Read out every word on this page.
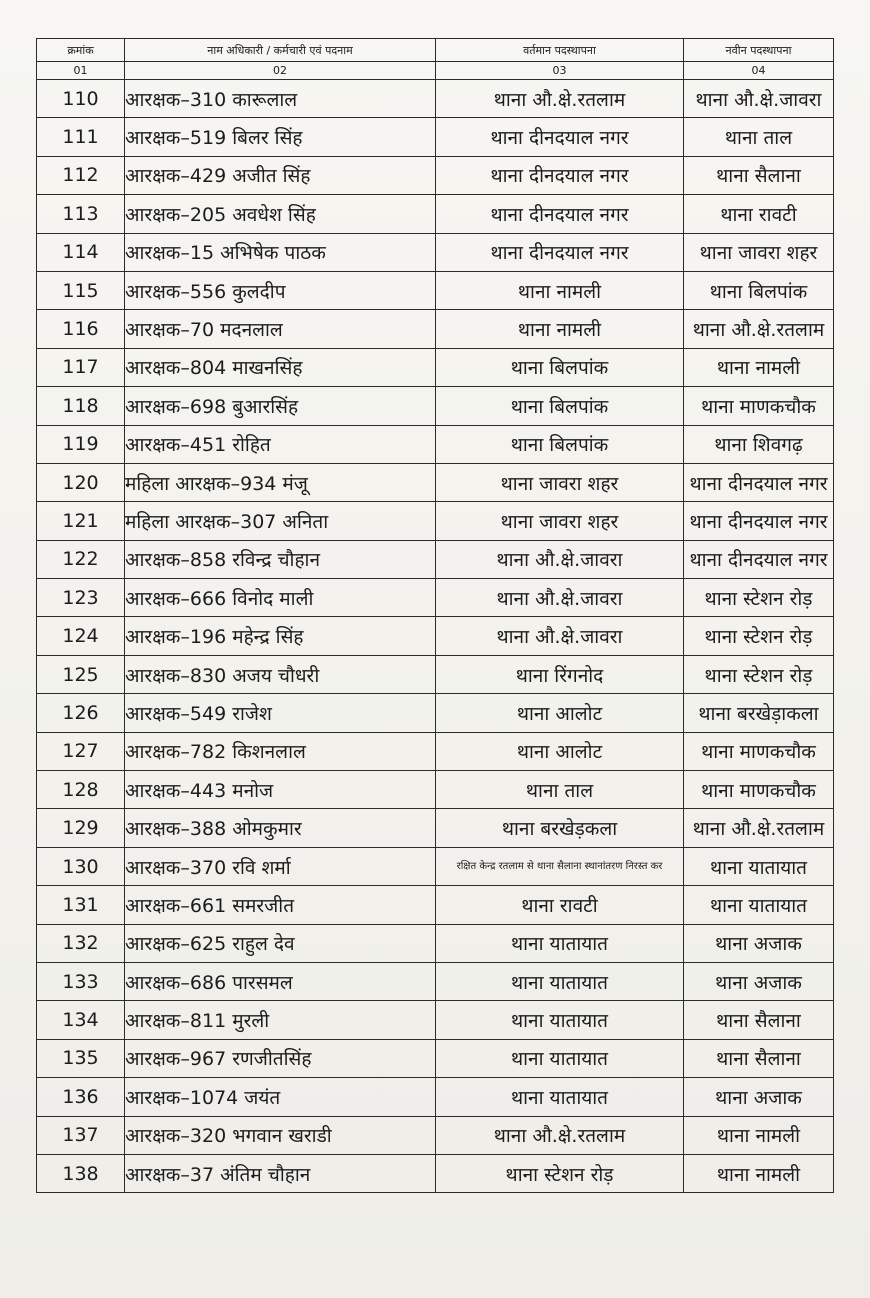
क्रमांक	नाम अधिकारी / कर्मचारी एवं पदनाम	वर्तमान पदस्थापना	नवीन पदस्थापना
01	02	03	04
110	आरक्षक–310 कारूलाल	थाना औ.क्षे.रतलाम	थाना औ.क्षे.जावरा
111	आरक्षक–519 बिलर सिंह	थाना दीनदयाल नगर	थाना ताल
112	आरक्षक–429 अजीत सिंह	थाना दीनदयाल नगर	थाना सैलाना
113	आरक्षक–205 अवधेश सिंह	थाना दीनदयाल नगर	थाना रावटी
114	आरक्षक–15 अभिषेक पाठक	थाना दीनदयाल नगर	थाना जावरा शहर
115	आरक्षक–556 कुलदीप	थाना नामली	थाना बिलपांक
116	आरक्षक–70 मदनलाल	थाना नामली	थाना औ.क्षे.रतलाम
117	आरक्षक–804 माखनसिंह	थाना बिलपांक	थाना नामली
118	आरक्षक–698 बुआरसिंह	थाना बिलपांक	थाना माणकचौक
119	आरक्षक–451 रोहित	थाना बिलपांक	थाना शिवगढ़
120	महिला आरक्षक–934 मंजू	थाना जावरा शहर	थाना दीनदयाल नगर
121	महिला आरक्षक–307 अनिता	थाना जावरा शहर	थाना दीनदयाल नगर
122	आरक्षक–858 रविन्द्र चौहान	थाना औ.क्षे.जावरा	थाना दीनदयाल नगर
123	आरक्षक–666 विनोद माली	थाना औ.क्षे.जावरा	थाना स्टेशन रोड़
124	आरक्षक–196 महेन्द्र सिंह	थाना औ.क्षे.जावरा	थाना स्टेशन रोड़
125	आरक्षक–830 अजय चौधरी	थाना रिंगनोद	थाना स्टेशन रोड़
126	आरक्षक–549 राजेश	थाना आलोट	थाना बरखेड़ाकला
127	आरक्षक–782 किशनलाल	थाना आलोट	थाना माणकचौक
128	आरक्षक–443 मनोज	थाना ताल	थाना माणकचौक
129	आरक्षक–388 ओमकुमार	थाना बरखेड़कला	थाना औ.क्षे.रतलाम
130	आरक्षक–370 रवि शर्मा	रक्षित केन्द्र रतलाम से थाना सैलाना स्थानांतरण निरस्त कर	थाना यातायात
131	आरक्षक–661 समरजीत	थाना रावटी	थाना यातायात
132	आरक्षक–625 राहुल देव	थाना यातायात	थाना अजाक
133	आरक्षक–686 पारसमल	थाना यातायात	थाना अजाक
134	आरक्षक–811 मुरली	थाना यातायात	थाना सैलाना
135	आरक्षक–967 रणजीतसिंह	थाना यातायात	थाना सैलाना
136	आरक्षक–1074 जयंत	थाना यातायात	थाना अजाक
137	आरक्षक–320 भगवान खराडी	थाना औ.क्षे.रतलाम	थाना नामली
138	आरक्षक–37 अंतिम चौहान	थाना स्टेशन रोड़	थाना नामली
